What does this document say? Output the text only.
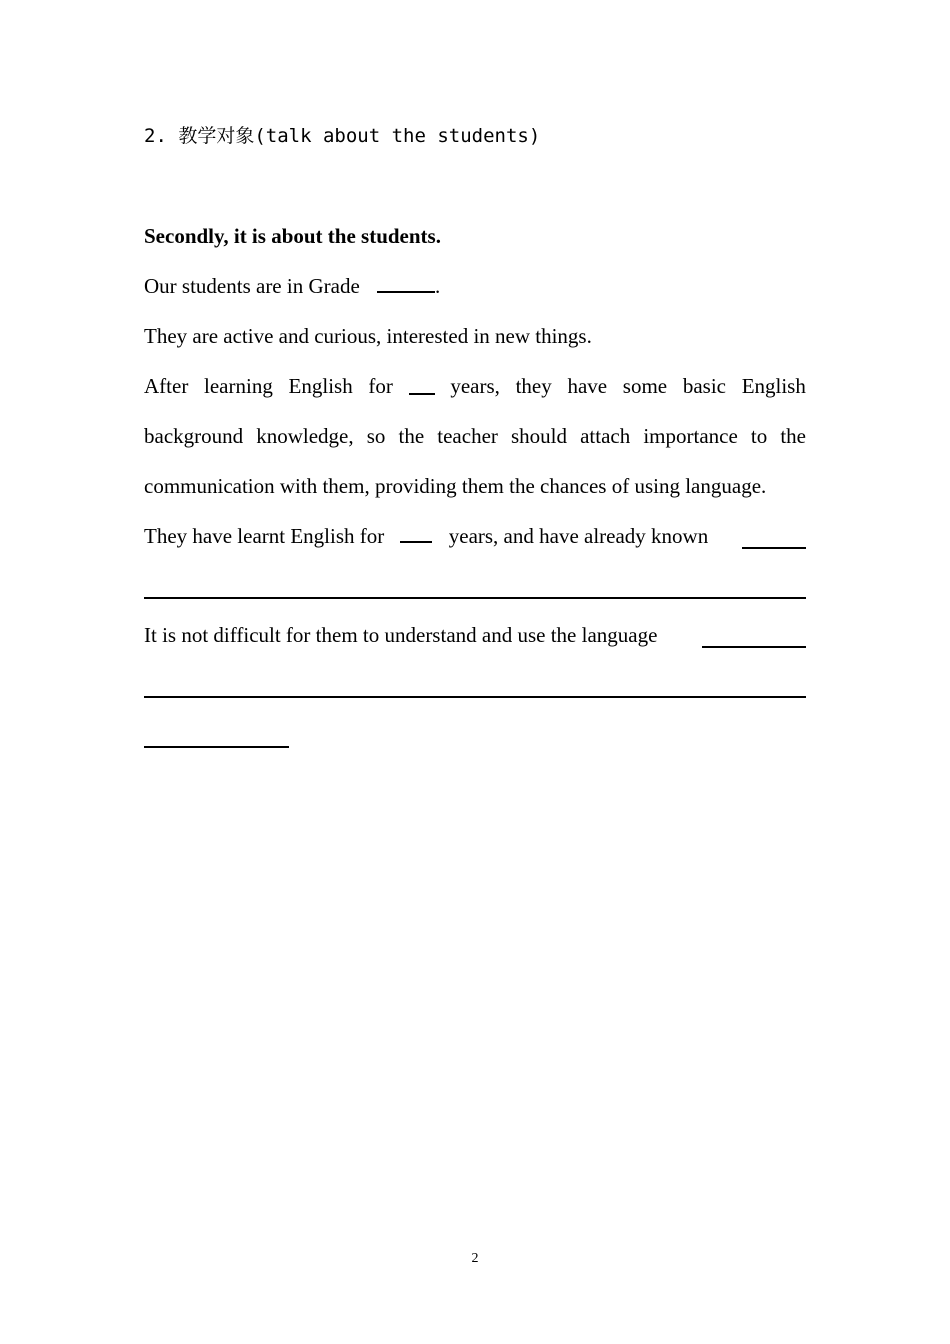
2. 教学对象(talk about the students)
Secondly, it is about the students.
Our students are in Grade	.
They are active and curious, interested in new things.
After learning English for	years, they have some basic English
background knowledge, so the teacher should attach importance to the
communication with them, providing them the chances of using language.
They have learnt English for	years, and have already known
It is not difficult for them to understand and use the language
2
